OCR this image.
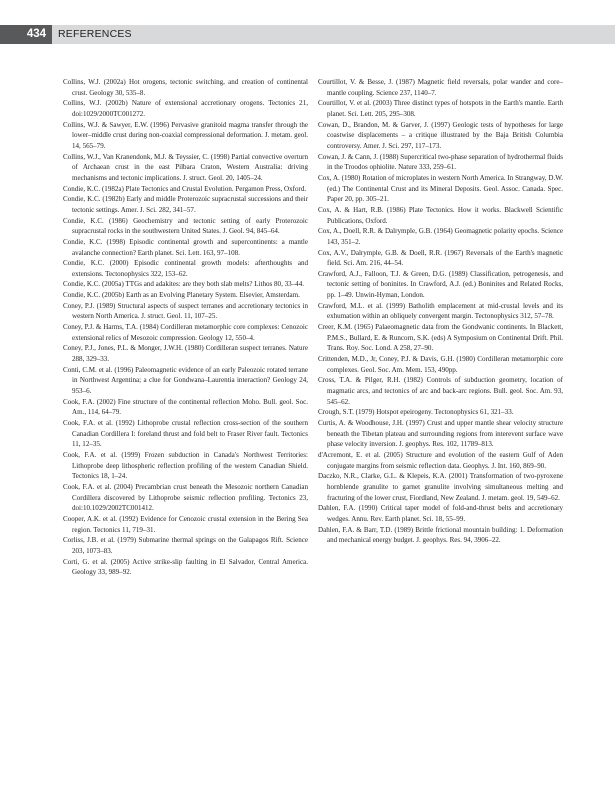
434	REFERENCES
Collins, W.J. (2002a) Hot orogens, tectonic switching, and creation of continental crust. Geology 30, 535–8.
Collins, W.J. (2002b) Nature of extensional accretionary orogens. Tectonics 21, doi:1029/2000TC001272.
Collins, W.J. & Sawyer, E.W. (1996) Pervasive granitoid magma transfer through the lower–middle crust during non-coaxial compressional deformation. J. metam. geol. 14, 565–79.
Collins, W.J., Van Kranendonk, M.J. & Teyssier, C. (1998) Partial convective overturn of Archaean crust in the east Pilbara Craton, Western Australia: driving mechanisms and tectonic implications. J. struct. Geol. 20, 1405–24.
Condie, K.C. (1982a) Plate Tectonics and Crustal Evolution. Pergamon Press, Oxford.
Condie, K.C. (1982b) Early and middle Proterozoic supracrustal successions and their tectonic settings. Amer. J. Sci. 282, 341–57.
Condie, K.C. (1986) Geochemistry and tectonic setting of early Proterozoic supracrustal rocks in the southwestern United States. J. Geol. 94, 845–64.
Condie, K.C. (1998) Episodic continental growth and supercontinents: a mantle avalanche connection? Earth planet. Sci. Lett. 163, 97–108.
Condie, K.C. (2000) Episodic continental growth models: afterthoughts and extensions. Tectonophysics 322, 153–62.
Condie, K.C. (2005a) TTGs and adakites: are they both slab melts? Lithos 80, 33–44.
Condie, K.C. (2005b) Earth as an Evolving Planetary System. Elsevier, Amsterdam.
Coney, P.J. (1989) Structural aspects of suspect terranes and accretionary tectonics in western North America. J. struct. Geol. 11, 107–25.
Coney, P.J. & Harms, T.A. (1984) Cordilleran metamorphic core complexes: Cenozoic extensional relics of Mesozoic compression. Geology 12, 550–4.
Coney, P.J., Jones, P.L. & Monger, J.W.H. (1980) Cordilleran suspect terranes. Nature 288, 329–33.
Conti, C.M. et al. (1996) Paleomagnetic evidence of an early Paleozoic rotated terrane in Northwest Argentina; a clue for Gondwana–Laurentia interaction? Geology 24, 953–6.
Cook, F.A. (2002) Fine structure of the continental reflection Moho. Bull. geol. Soc. Am., 114, 64–79.
Cook, F.A. et al. (1992) Lithoprobe crustal reflection cross-section of the southern Canadian Cordillera I: foreland thrust and fold belt to Fraser River fault. Tectonics 11, 12–35.
Cook, F.A. et al. (1999) Frozen subduction in Canada's Northwest Territories: Lithoprobe deep lithospheric reflection profiling of the western Canadian Shield. Tectonics 18, 1–24.
Cook, F.A. et al. (2004) Precambrian crust beneath the Mesozoic northern Canadian Cordillera discovered by Lithoprobe seismic reflection profiling. Tectonics 23, doi:10.1029/2002TC001412.
Cooper, A.K. et al. (1992) Evidence for Cenozoic crustal extension in the Bering Sea region. Tectonics 11, 719–31.
Corliss, J.B. et al. (1979) Submarine thermal springs on the Galapagos Rift. Science 203, 1073–83.
Corti, G. et al. (2005) Active strike-slip faulting in El Salvador, Central America. Geology 33, 989–92.
Courtillot, V. & Besse, J. (1987) Magnetic field reversals, polar wander and core–mantle coupling. Science 237, 1140–7.
Courtillot, V. et al. (2003) Three distinct types of hotspots in the Earth's mantle. Earth planet. Sci. Lett. 205, 295–308.
Cowan, D., Brandon, M. & Garver, J. (1997) Geologic tests of hypotheses for large coastwise displacements – a critique illustrated by the Baja British Columbia controversy. Amer. J. Sci. 297, 117–173.
Cowan, J. & Cann, J. (1988) Supercritical two-phase separation of hydrothermal fluids in the Troodos ophiolite. Nature 333, 259–61.
Cox, A. (1980) Rotation of microplates in western North America. In Strangway, D.W. (ed.) The Continental Crust and its Mineral Deposits. Geol. Assoc. Canada. Spec. Paper 20, pp. 305–21.
Cox, A. & Hart, R.B. (1986) Plate Tectonics. How it works. Blackwell Scientific Publications, Oxford.
Cox, A., Doell, R.R. & Dalrymple, G.B. (1964) Geomagnetic polarity epochs. Science 143, 351–2.
Cox, A.V., Dalrymple, G.B. & Doell, R.R. (1967) Reversals of the Earth's magnetic field. Sci. Am. 216, 44–54.
Crawford, A.J., Falloon, T.J. & Green, D.G. (1989) Classification, petrogenesis, and tectonic setting of boninites. In Crawford, A.J. (ed.) Boninites and Related Rocks, pp. 1–49. Unwin-Hyman, London.
Crawford, M.L. et al. (1999) Batholith emplacement at mid-crustal levels and its exhumation within an obliquely convergent margin. Tectonophysics 312, 57–78.
Creer, K.M. (1965) Palaeomagnetic data from the Gondwanic continents. In Blackett, P.M.S., Bullard, E. & Runcorn, S.K. (eds) A Symposium on Continental Drift. Phil. Trans. Roy. Soc. Lond. A 258, 27–90.
Crittenden, M.D., Jr, Coney, P.J. & Davis, G.H. (1980) Cordilleran metamorphic core complexes. Geol. Soc. Am. Mem. 153, 490pp.
Cross, T.A. & Pilger, R.H. (1982) Controls of subduction geometry, location of magmatic arcs, and tectonics of arc and back-arc regions. Bull. geol. Soc. Am. 93, 545–62.
Crough, S.T. (1979) Hotspot epeirogeny. Tectonophysics 61, 321–33.
Curtis, A. & Woodhouse, J.H. (1997) Crust and upper mantle shear velocity structure beneath the Tibetan plateau and surrounding regions from interevent surface wave phase velocity inversion. J. geophys. Res. 102, 11789–813.
d'Acremont, E. et al. (2005) Structure and evolution of the eastern Gulf of Aden conjugate margins from seismic reflection data. Geophys. J. Int. 160, 869–90.
Daczko, N.R., Clarke, G.L. & Klepeis, K.A. (2001) Transformation of two-pyroxene hornblende granulite to garnet granulite involving simultaneous melting and fracturing of the lower crust, Fiordland, New Zealand. J. metam. geol. 19, 549–62.
Dahlen, F.A. (1990) Critical taper model of fold-and-thrust belts and accretionary wedges. Annu. Rev. Earth planet. Sci. 18, 55–99.
Dahlen, F.A. & Barr, T.D. (1989) Brittle frictional mountain building: 1. Deformation and mechanical energy budget. J. geophys. Res. 94, 3906–22.
